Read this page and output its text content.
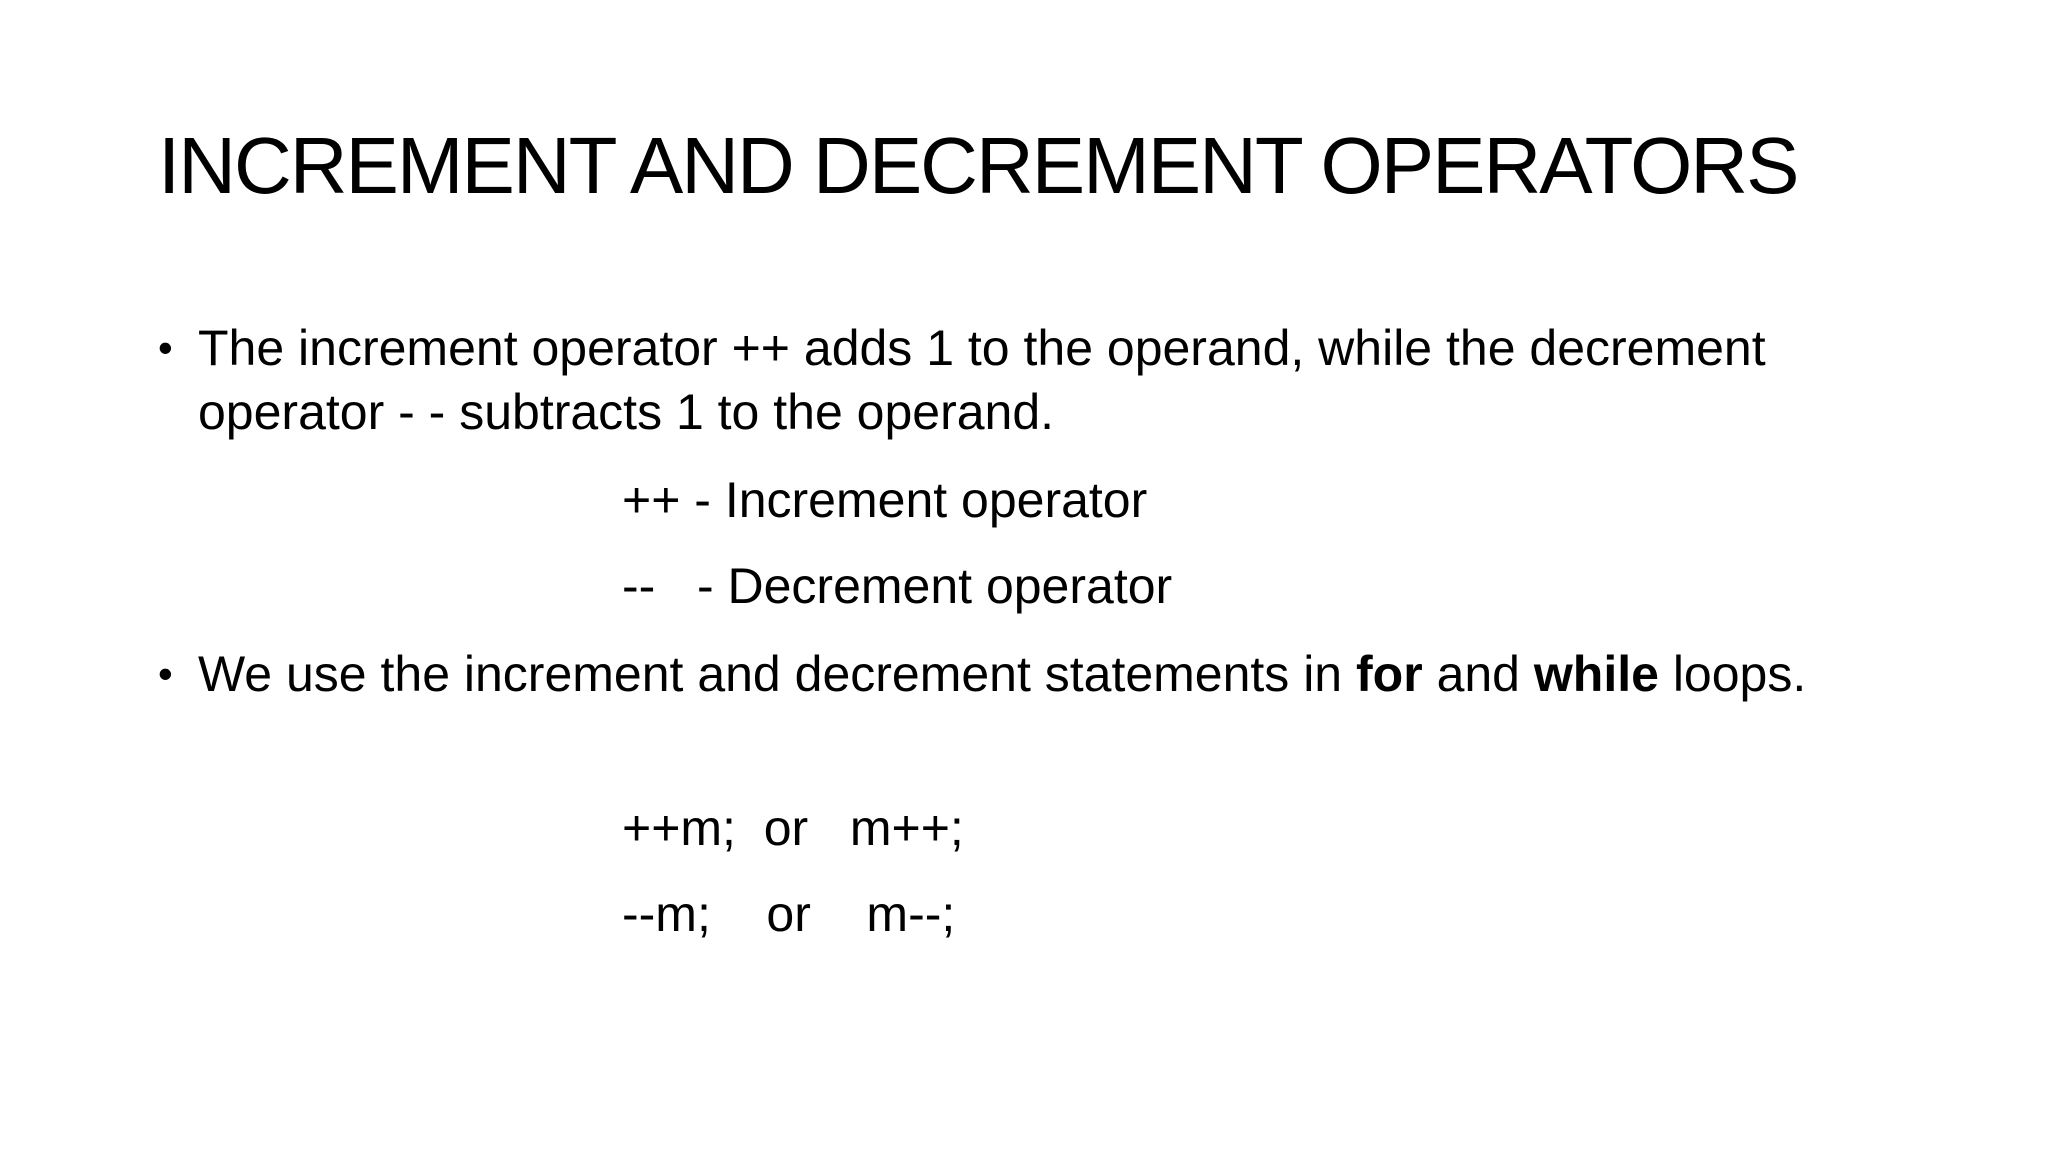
INCREMENT AND DECREMENT OPERATORS
• The increment operator ++ adds 1 to the operand, while the decrement operator - - subtracts 1 to the operand.
++ - Increment operator
--   - Decrement operator
• We use the increment and decrement statements in for and while loops.
++m;  or   m++;
--m;    or    m--;
